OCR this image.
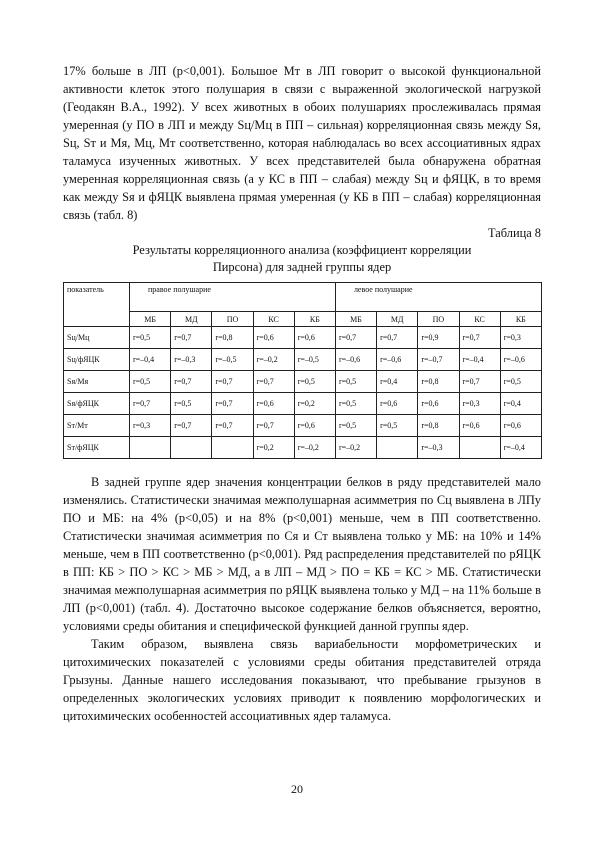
17% больше в ЛП (р<0,001). Большое Мт в ЛП говорит о высокой функциональной активности клеток этого полушария в связи с выраженной экологической нагрузкой (Геодакян В.А., 1992). У всех животных в обоих полушариях прослеживалась прямая умеренная (у ПО в ЛП и между Sц/Мц в ПП – сильная) корреляционная связь между Sя, Sц, Sт и Мя, Мц, Мт соответственно, которая наблюдалась во всех ассоциативных ядрах таламуса изученных животных. У всех представителей была обнаружена обратная умеренная корреляционная связь (а у КС в ПП – слабая) между Sц и фЯЦК, в то время как между Sя и фЯЦК выявлена прямая умеренная (у КБ в ПП – слабая) корреляционная связь (табл. 8)

Таблица 8

Результаты корреляционного анализа (коэффициент корреляции
Пирсона) для задней группы ядер

показатель	правое полушарие					левое полушарие				
	МБ	МД	ПО	КС	КБ	МБ	МД	ПО	КС	КБ
Sц/Мц	r=0,5	r=0,7	r=0,8	r=0,6	r=0,6	r=0,7	r=0,7	r=0,9	r=0,7	r=0,3
Sц/фЯЦК	r=–0,4	r=–0,3	r=–0,5	r=–0,2	r=–0,5	r=–0,6	r=–0,6	r=–0,7	r=–0,4	r=–0,6
Sя/Мя	r=0,5	r=0,7	r=0,7	r=0,7	r=0,5	r=0,5	r=0,4	r=0,8	r=0,7	r=0,5
Sя/фЯЦК	r=0,7	r=0,5	r=0,7	r=0,6	r=0,2	r=0,5	r=0,6	r=0,6	r=0,3	r=0,4
Sт/Мт	r=0,3	r=0,7	r=0,7	r=0,7	r=0,6	r=0,5	r=0,5	r=0,8	r=0,6	r=0,6
Sт/фЯЦК				r=0,2	r=–0,2	r=–0,2		r=–0,3		r=–0,4

В задней группе ядер значения концентрации белков в ряду представителей мало изменялись. Статистически значимая межполушарная асимметрия по Сц выявлена в ЛПу ПО и МБ: на 4% (р<0,05) и на 8% (р<0,001) меньше, чем в ПП соответственно. Статистически значимая асимметрия по Ся и Ст выявлена только у МБ: на 10% и 14% меньше, чем в ПП соответственно (р<0,001). Ряд распределения представителей по рЯЦК в ПП: КБ > ПО > КС > МБ > МД, а в ЛП – МД > ПО = КБ = КС > МБ. Статистически значимая межполушарная асимметрия по рЯЦК выявлена только у МД – на 11% больше в ЛП (р<0,001) (табл. 4). Достаточно высокое содержание белков объясняется, вероятно, условиями среды обитания и специфической функцией данной группы ядер.

Таким образом, выявлена связь вариабельности морфометрических и цитохимических показателей с условиями среды обитания представителей отряда Грызуны. Данные нашего исследования показывают, что пребывание грызунов в определенных экологических условиях приводит к появлению морфологических и цитохимических особенностей ассоциативных ядер таламуса.

20
